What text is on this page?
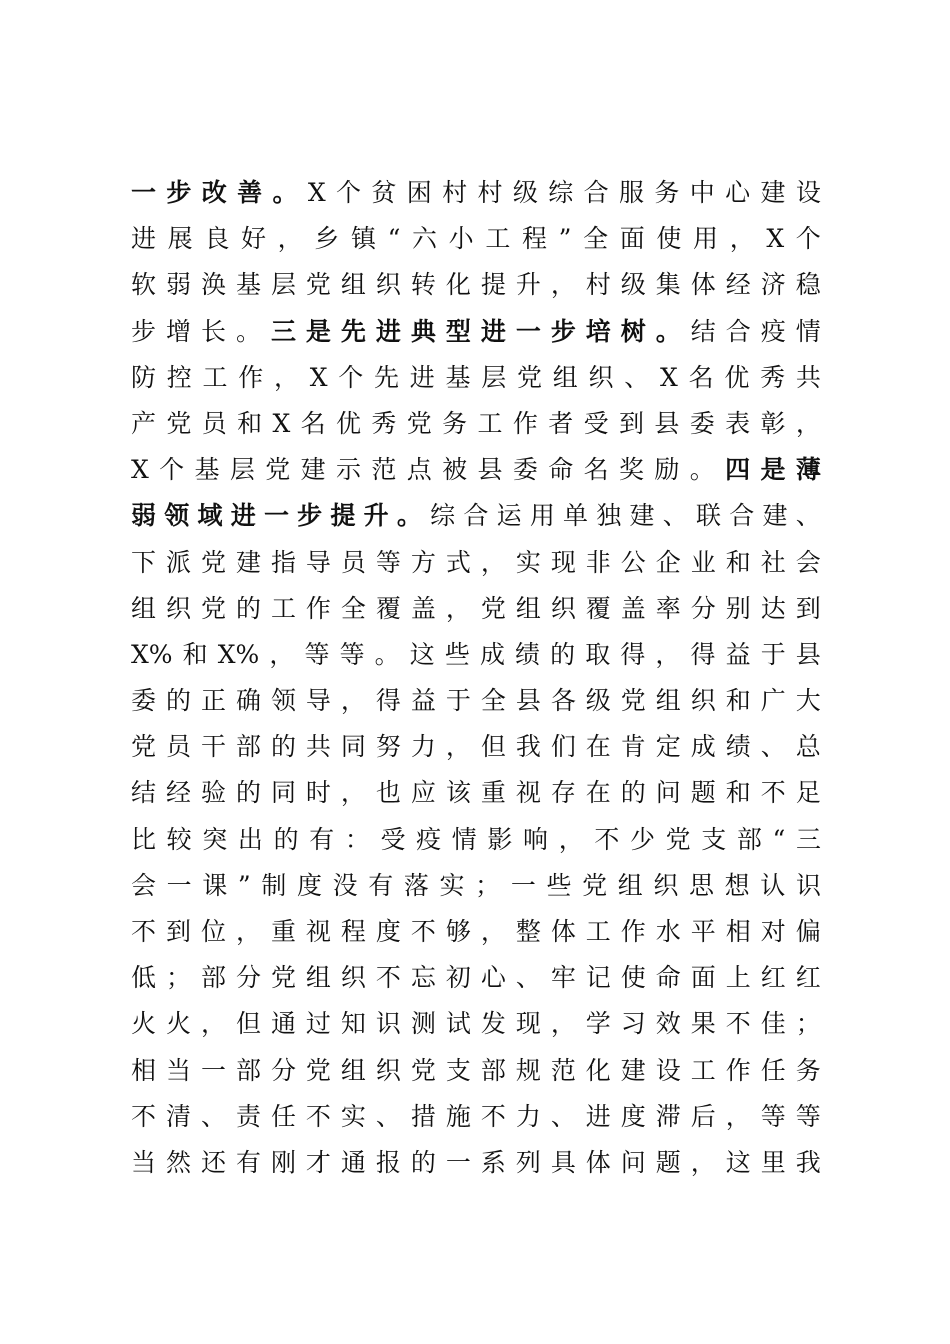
一 步 改 善 。 X 个 贫 困 村 村 级 综 合 服 务 中 心 建 设
进 展 良 好 ， 乡 镇 “ 六 小 工 程 ” 全 面 使 用 ， X 个
软 弱 涣 基 层 党 组 织 转 化 提 升 ， 村 级 集 体 经 济 稳
步 增 长 。 三 是 先 进 典 型 进 一 步 培 树 。 结 合 疫 情
防 控 工 作 ， X 个 先 进 基 层 党 组 织 、 X 名 优 秀 共
产 党 员 和 X 名 优 秀 党 务 工 作 者 受 到 县 委 表 彰 ，
X 个 基 层 党 建 示 范 点 被 县 委 命 名 奖 励 。 四 是 薄
弱 领 域 进 一 步 提 升 。 综 合 运 用 单 独 建 、 联 合 建 、
下 派 党 建 指 导 员 等 方 式 ， 实 现 非 公 企 业 和 社 会
组 织 党 的 工 作 全 覆 盖 ， 党 组 织 覆 盖 率 分 别 达 到
X% 和 X% ， 等 等 。 这 些 成 绩 的 取 得 ， 得 益 于 县
委 的 正 确 领 导 ， 得 益 于 全 县 各 级 党 组 织 和 广 大
党 员 干 部 的 共 同 努 力 ， 但 我 们 在 肯 定 成 绩 、 总
结 经 验 的 同 时 ， 也 应 该 重 视 存 在 的 问 题 和 不 足
比 较 突 出 的 有 ： 受 疫 情 影 响 ， 不 少 党 支 部 “ 三
会 一 课 ” 制 度 没 有 落 实 ； 一 些 党 组 织 思 想 认 识
不 到 位 ， 重 视 程 度 不 够 ， 整 体 工 作 水 平 相 对 偏
低 ； 部 分 党 组 织 不 忘 初 心 、 牢 记 使 命 面 上 红 红
火 火 ， 但 通 过 知 识 测 试 发 现 ， 学 习 效 果 不 佳 ；
相 当 一 部 分 党 组 织 党 支 部 规 范 化 建 设 工 作 任 务
不 清 、 责 任 不 实 、 措 施 不 力 、 进 度 滞 后 ， 等 等
当 然 还 有 刚 才 通 报 的 一 系 列 具 体 问 题 ， 这 里 我
